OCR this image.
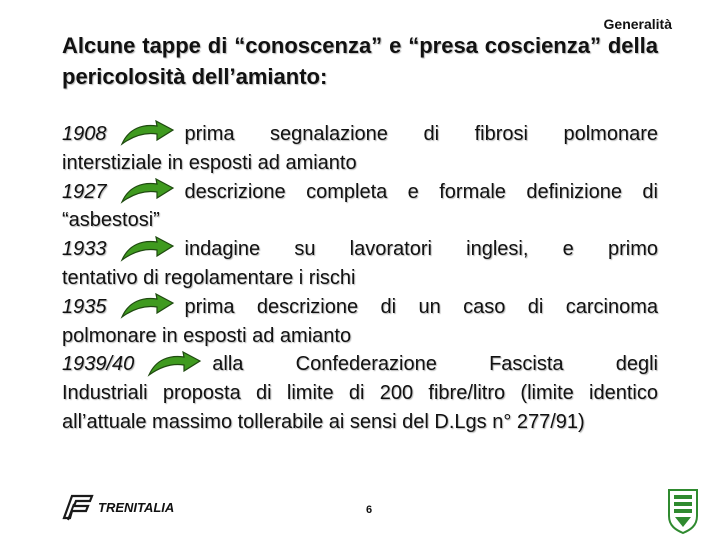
Generalità
Alcune tappe di “conoscenza” e “presa coscienza” della pericolosità dell’amianto:
1908	prima segnalazione di fibrosi polmonare
interstiziale in esposti ad amianto
1927	descrizione completa e formale definizione di
“asbestosi”
1933	indagine su lavoratori inglesi, e primo
tentativo di regolamentare i rischi
1935	prima descrizione di un caso di carcinoma
polmonare in esposti ad amianto
1939/40	alla Confederazione Fascista degli
Industriali proposta di limite di 200 fibre/litro (limite identico all’attuale massimo tollerabile ai sensi del D.Lgs n° 277/91)
TRENITALIA	6
